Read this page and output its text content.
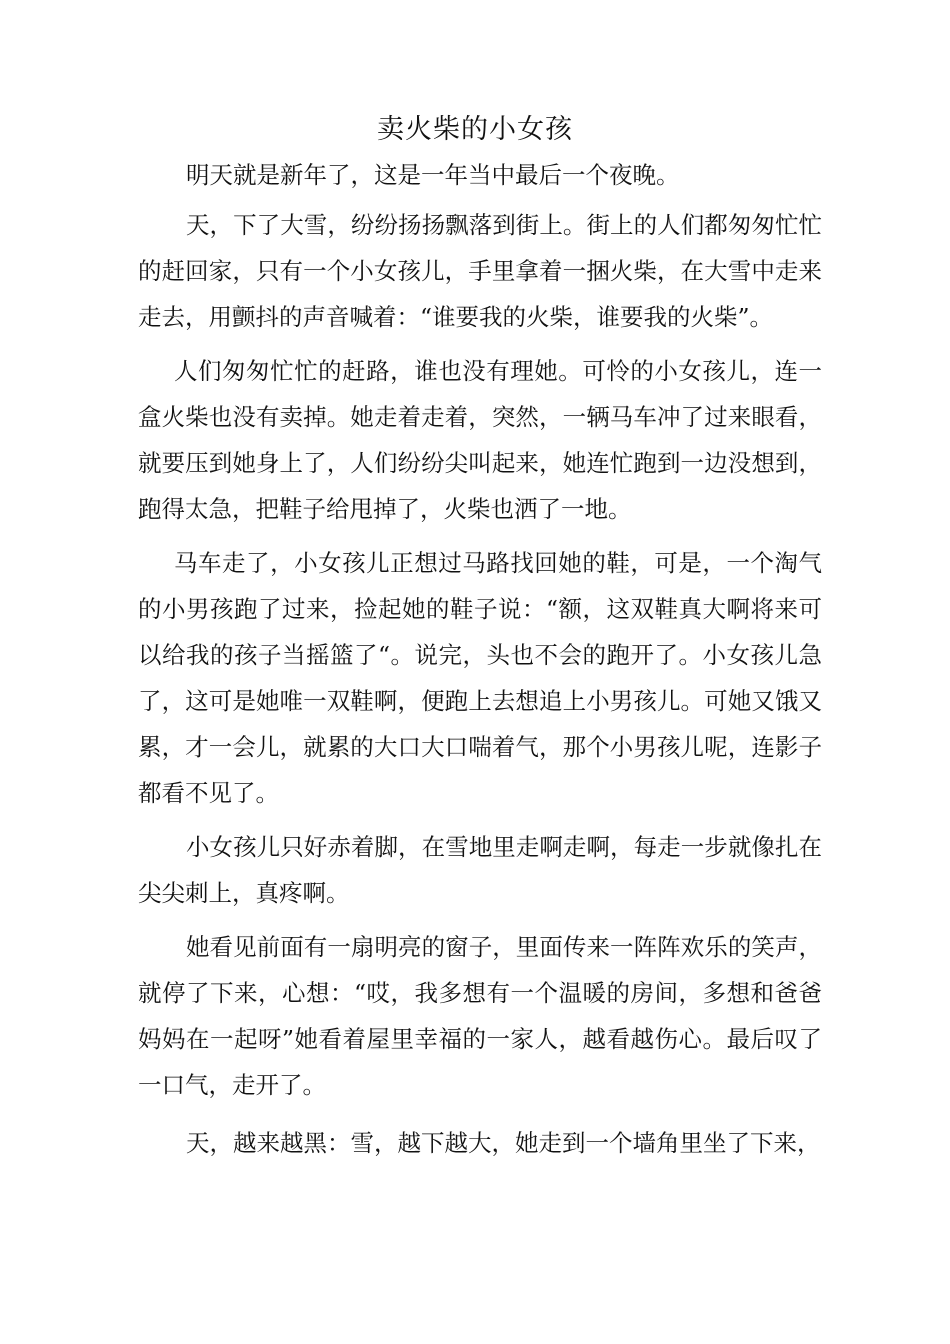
卖火柴的小女孩

明天就是新年了，这是一年当中最后一个夜晚。

天，下了大雪，纷纷扬扬飘落到街上。街上的人们都匆匆忙忙的赶回家，只有一个小女孩儿，手里拿着一捆火柴，在大雪中走来走去，用颤抖的声音喊着：“谁要我的火柴，谁要我的火柴”。

人们匆匆忙忙的赶路，谁也没有理她。可怜的小女孩儿，连一盒火柴也没有卖掉。她走着走着，突然，一辆马车冲了过来眼看，就要压到她身上了，人们纷纷尖叫起来，她连忙跑到一边没想到，跑得太急，把鞋子给甩掉了，火柴也洒了一地。

马车走了，小女孩儿正想过马路找回她的鞋，可是，一个淘气的小男孩跑了过来，捡起她的鞋子说：“额，这双鞋真大啊将来可以给我的孩子当摇篮了“。说完，头也不会的跑开了。小女孩儿急了，这可是她唯一双鞋啊，便跑上去想追上小男孩儿。可她又饿又累，才一会儿，就累的大口大口喘着气，那个小男孩儿呢，连影子都看不见了。

小女孩儿只好赤着脚，在雪地里走啊走啊，每走一步就像扎在尖尖刺上，真疼啊。

她看见前面有一扇明亮的窗子，里面传来一阵阵欢乐的笑声，就停了下来，心想：“哎，我多想有一个温暖的房间，多想和爸爸妈妈在一起呀”她看着屋里幸福的一家人，越看越伤心。最后叹了一口气，走开了。

天，越来越黑：雪，越下越大，她走到一个墙角里坐了下来，
